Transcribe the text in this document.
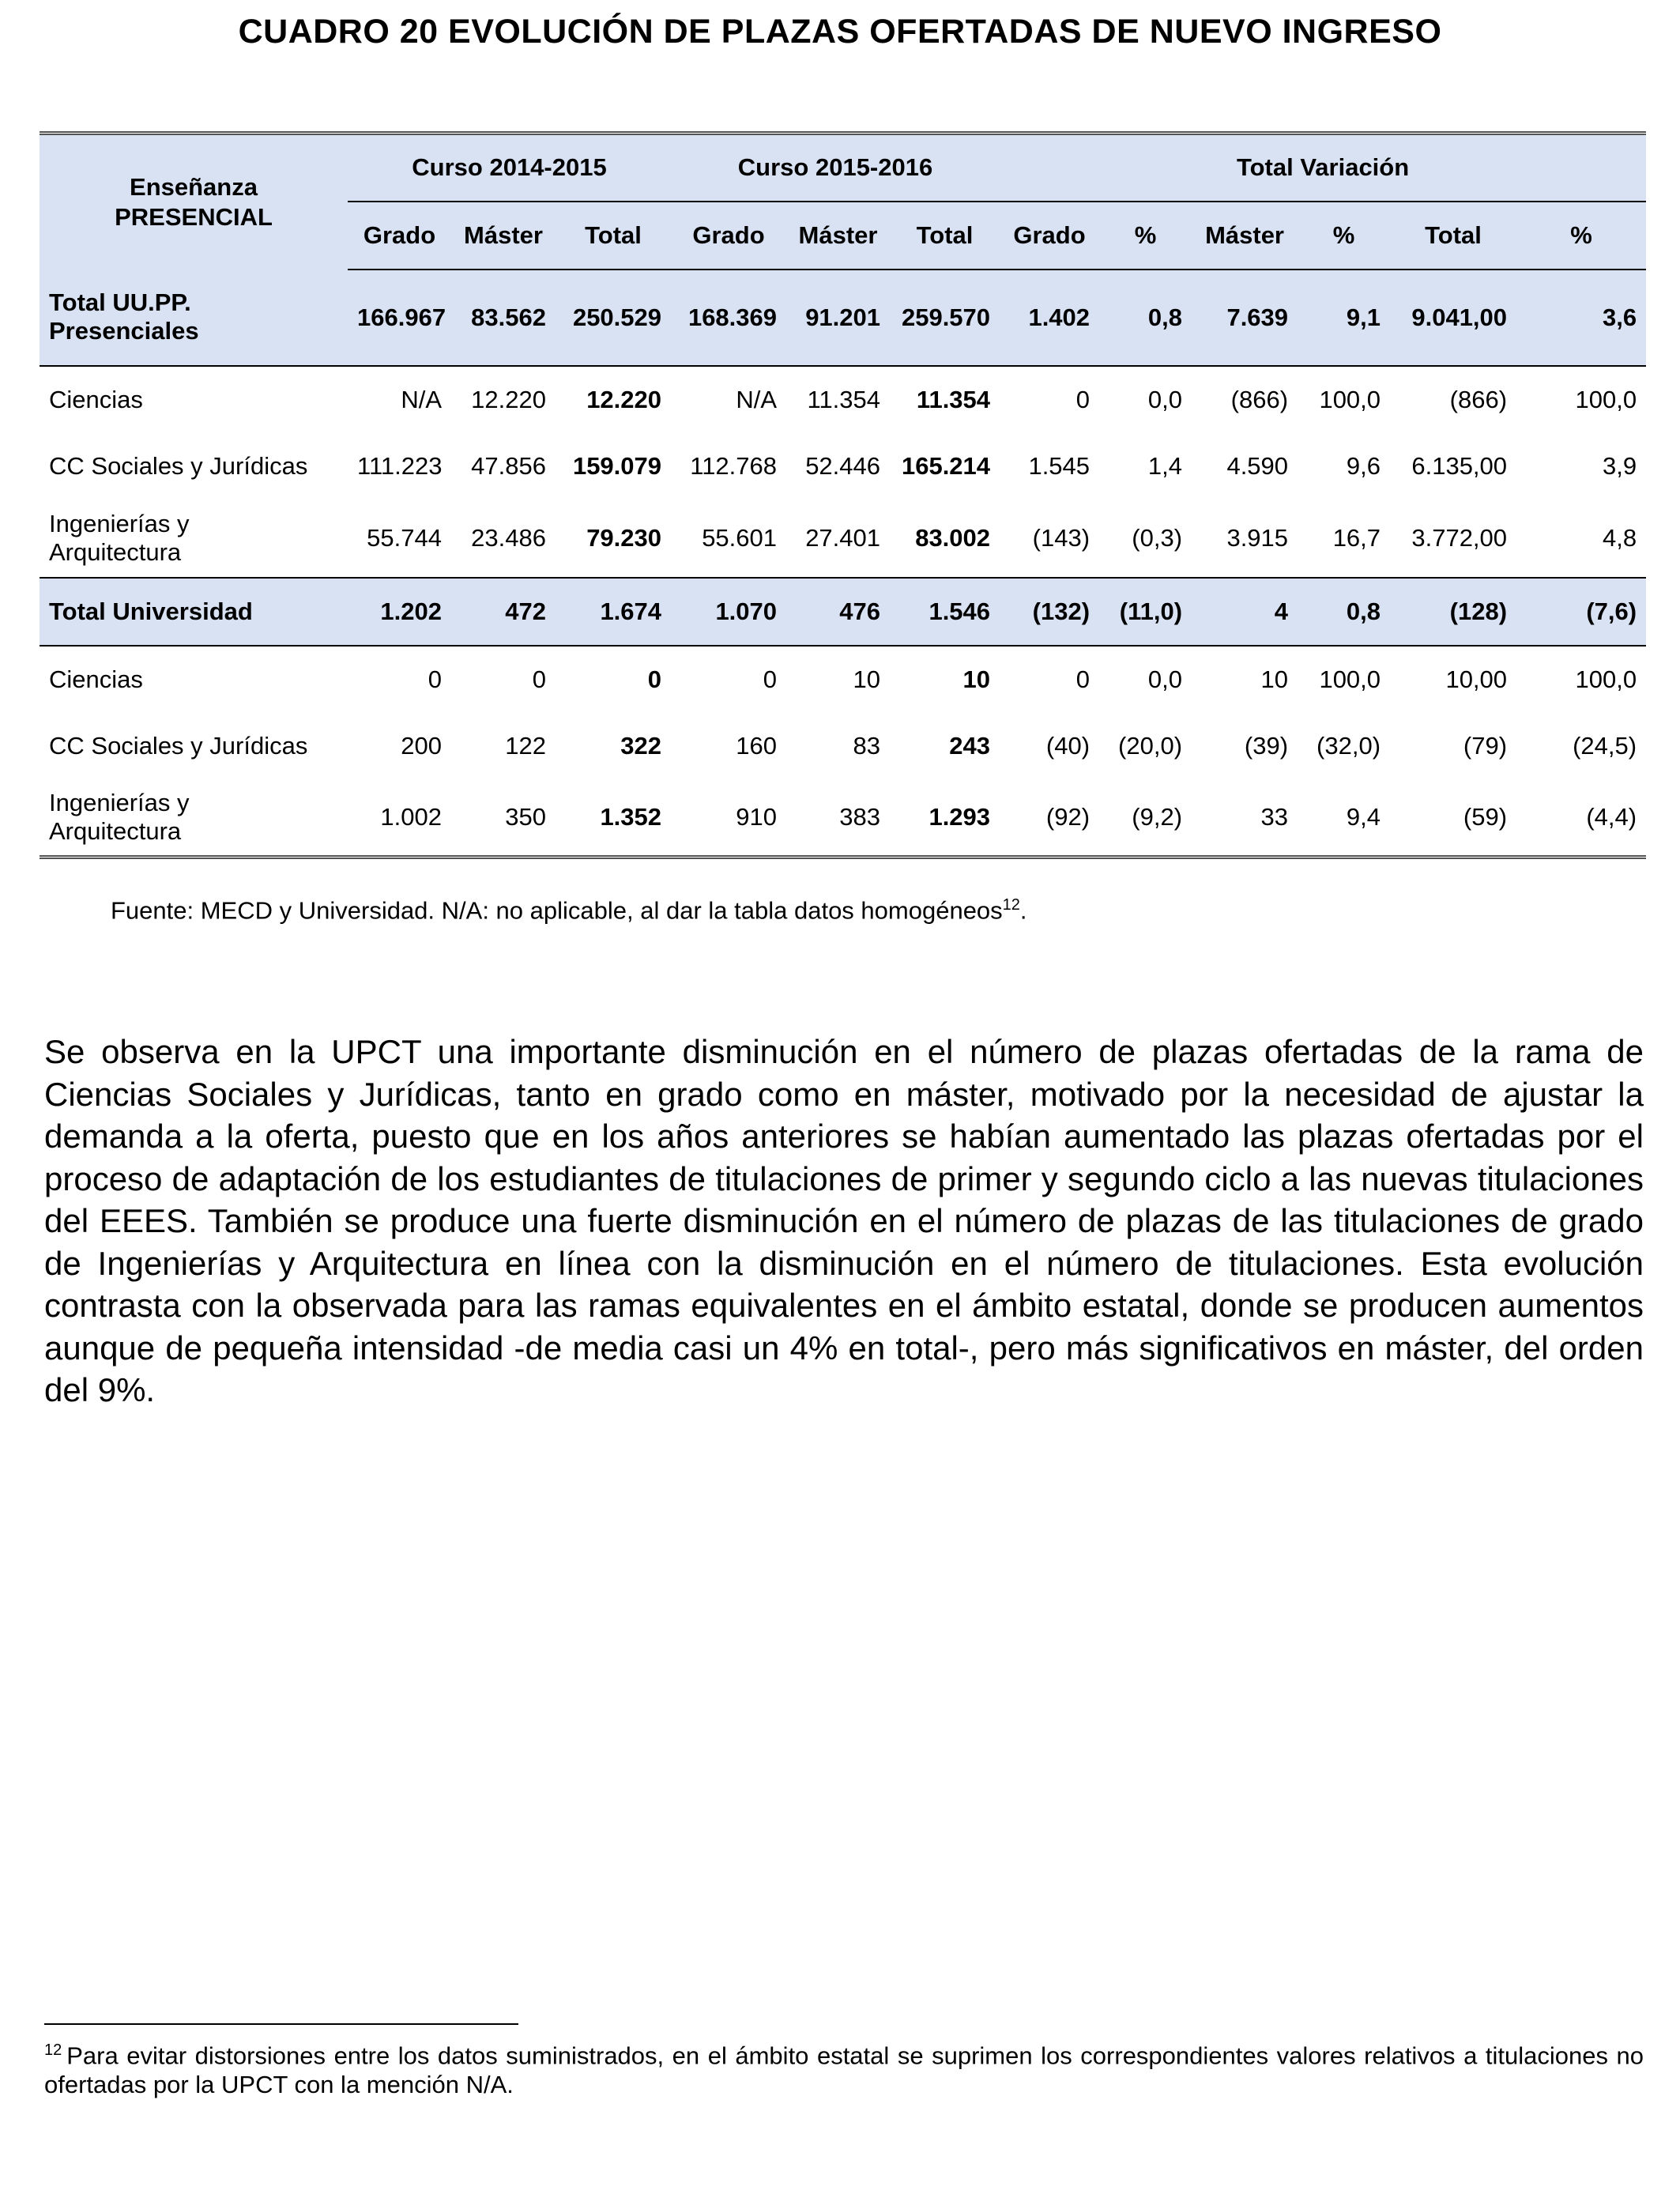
CUADRO 20 EVOLUCIÓN DE PLAZAS OFERTADAS DE NUEVO INGRESO
Enseñanza
PRESENCIAL	Curso 2014-2015			Curso 2015-2016			Total Variación					
	Grado	Máster	Total	Grado	Máster	Total	Grado	%	Máster	%	Total	%
Total UU.PP.
Presenciales	166.967	83.562	250.529	168.369	91.201	259.570	1.402	0,8	7.639	9,1	9.041,00	3,6
Ciencias	N/A	12.220	12.220	N/A	11.354	11.354	0	0,0	(866)	100,0	(866)	100,0
CC Sociales y Jurídicas	111.223	47.856	159.079	112.768	52.446	165.214	1.545	1,4	4.590	9,6	6.135,00	3,9
Ingenierías y
Arquitectura	55.744	23.486	79.230	55.601	27.401	83.002	(143)	(0,3)	3.915	16,7	3.772,00	4,8
Total Universidad	1.202	472	1.674	1.070	476	1.546	(132)	(11,0)	4	0,8	(128)	(7,6)
Ciencias	0	0	0	0	10	10	0	0,0	10	100,0	10,00	100,0
CC Sociales y Jurídicas	200	122	322	160	83	243	(40)	(20,0)	(39)	(32,0)	(79)	(24,5)
Ingenierías y
Arquitectura	1.002	350	1.352	910	383	1.293	(92)	(9,2)	33	9,4	(59)	(4,4)
Fuente: MECD y Universidad. N/A: no aplicable, al dar la tabla datos homogéneos$^{12}$.

Se observa en la UPCT una importante disminución en el número de plazas ofertadas de la rama de Ciencias Sociales y Jurídicas, tanto en grado como en máster, motivado por la necesidad de ajustar la demanda a la oferta, puesto que en los años anteriores se habían aumentado las plazas ofertadas por el proceso de adaptación de los estudiantes de titulaciones de primer y segundo ciclo a las nuevas titulaciones del EEES. También se produce una fuerte disminución en el número de plazas de las titulaciones de grado de Ingenierías y Arquitectura en línea con la disminución en el número de titulaciones. Esta evolución contrasta con la observada para las ramas equivalentes en el ámbito estatal, donde se producen aumentos aunque de pequeña intensidad -de media casi un 4% en total-, pero más significativos en máster, del orden del 9%.

$^{12}$ Para evitar distorsiones entre los datos suministrados, en el ámbito estatal se suprimen los correspondientes valores relativos a titulaciones no ofertadas por la UPCT con la mención N/A.
